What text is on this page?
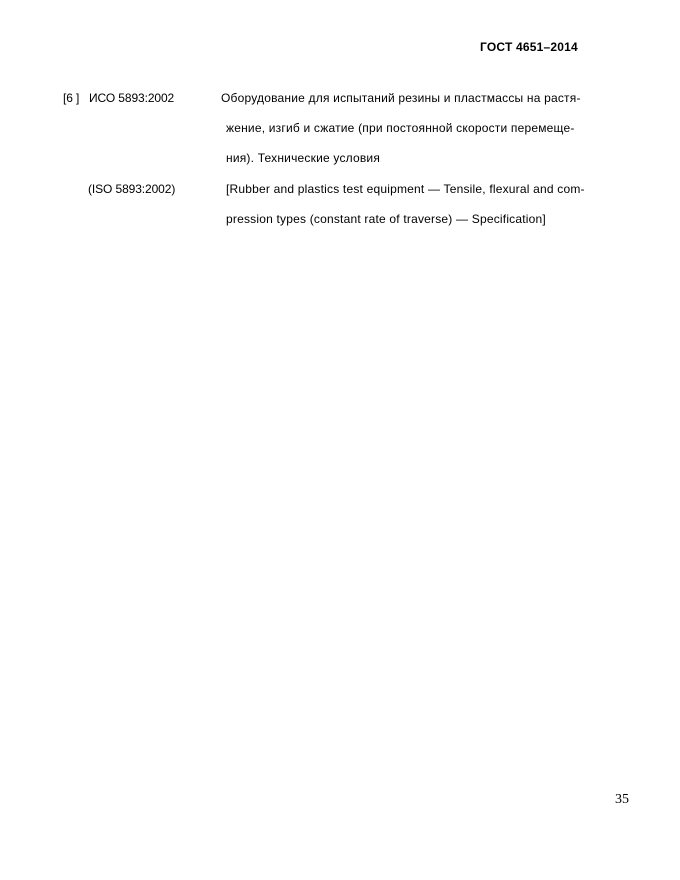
ГОСТ 4651–2014
[6 ] ИСО 5893:2002	Оборудование для испытаний резины и пластмассы на растя-
жение, изгиб и сжатие (при постоянной скорости перемеще-
ния). Технические условия
(ISO 5893:2002)	[Rubber and plastics test equipment — Tensile, flexural and com-
pression types (constant rate of traverse) — Specification]
35
